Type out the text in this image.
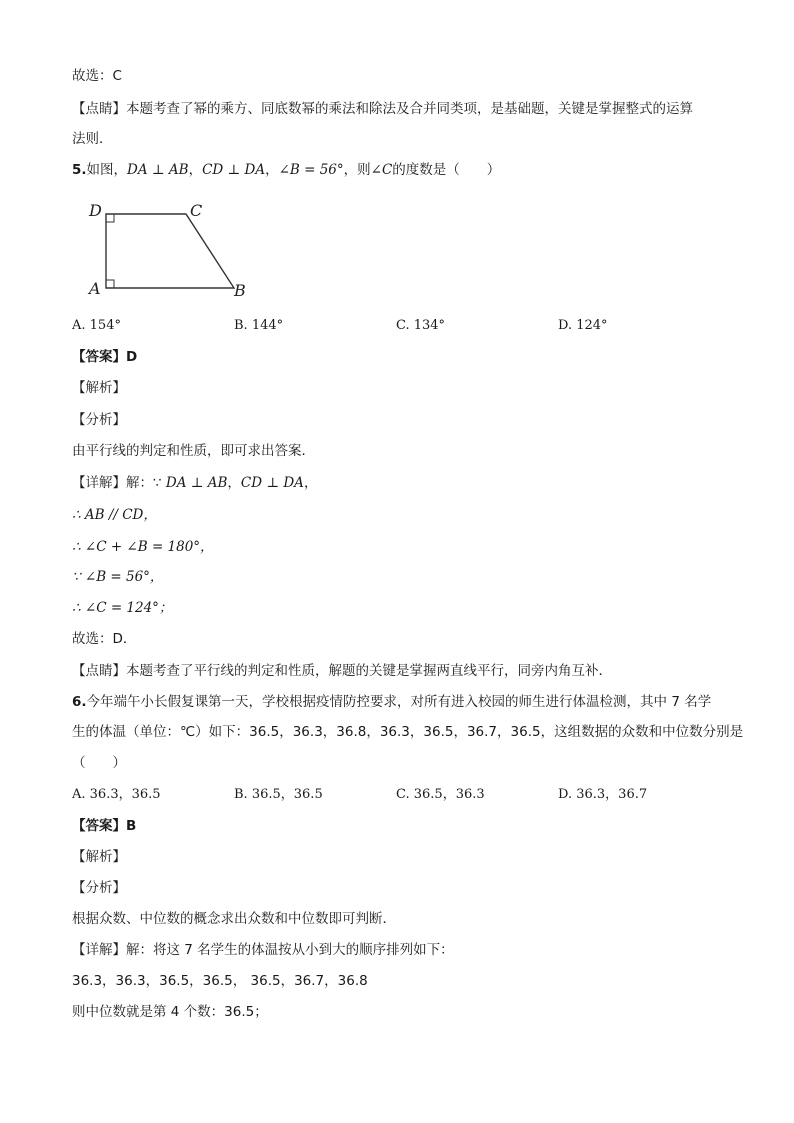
故选：C
【点睛】本题考查了幂的乘方、同底数幂的乘法和除法及合并同类项，是基础题，关键是掌握整式的运算
法则．
5.如图，DA ⊥ AB，CD ⊥ DA，∠B = 56°，则∠C的度数是（　　）
D	C
A	B
A. 154°	B. 144°	C. 134°	D. 124°
【答案】D
【解析】
【分析】
由平行线的判定和性质，即可求出答案．
【详解】解：∵ DA ⊥ AB，CD ⊥ DA，
∴ AB // CD，
∴ ∠C + ∠B = 180°，
∵ ∠B = 56°，
∴ ∠C = 124°；
故选：D．
【点睛】本题考查了平行线的判定和性质，解题的关键是掌握两直线平行，同旁内角互补．
6.今年端午小长假复课第一天，学校根据疫情防控要求，对所有进入校园的师生进行体温检测，其中 7 名学
生的体温（单位：℃）如下：36.5，36.3，36.8，36.3，36.5，36.7，36.5，这组数据的众数和中位数分别是
（　　）
A. 36.3，36.5	B. 36.5，36.5	C. 36.5，36.3	D. 36.3，36.7
【答案】B
【解析】
【分析】
根据众数、中位数的概念求出众数和中位数即可判断．
【详解】解：将这 7 名学生的体温按从小到大的顺序排列如下：
36.3，36.3，36.5，36.5， 36.5，36.7，36.8
则中位数就是第 4 个数：36.5；
